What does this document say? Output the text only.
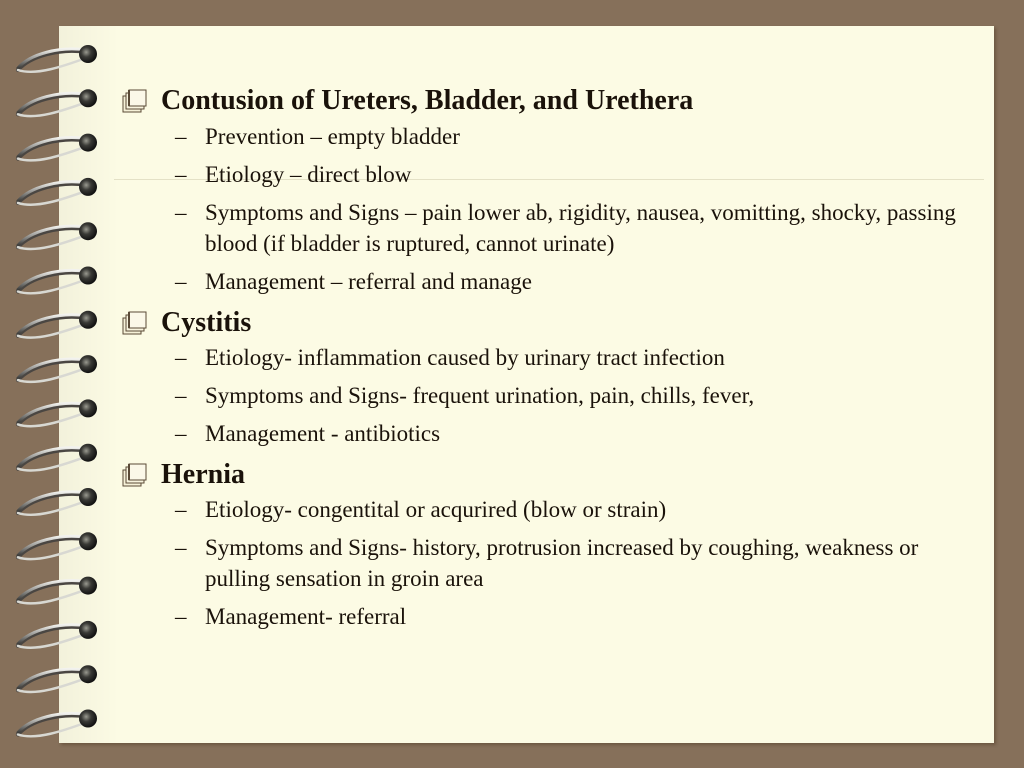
Contusion of Ureters, Bladder, and Urethera
– Prevention – empty bladder
– Etiology – direct blow
– Symptoms and Signs – pain lower ab, rigidity, nausea, vomitting, shocky, passing blood (if bladder is ruptured, cannot urinate)
– Management – referral and manage
Cystitis
– Etiology- inflammation caused by urinary tract infection
– Symptoms and Signs- frequent urination, pain, chills, fever,
– Management - antibiotics
Hernia
– Etiology- congentital or acqurired (blow or strain)
– Symptoms and Signs- history, protrusion increased by coughing, weakness or pulling sensation in groin area
– Management- referral
